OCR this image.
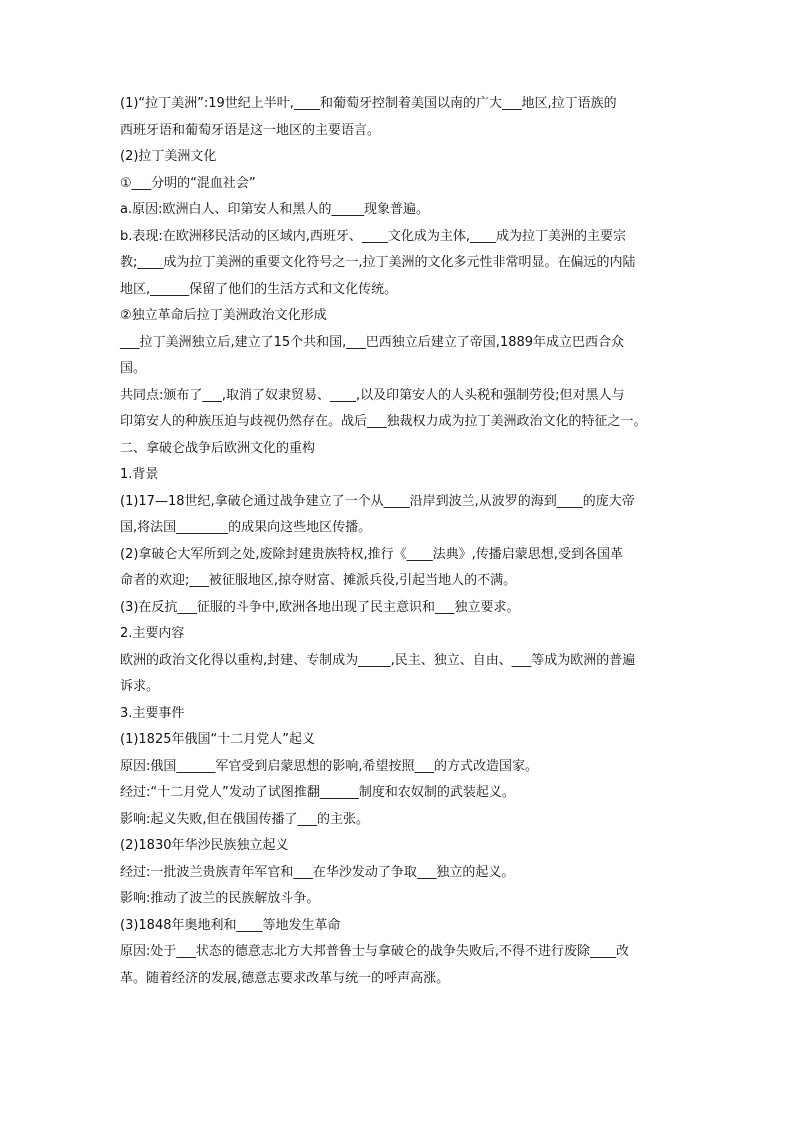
(1)“拉丁美洲”:19世纪上半叶,____和葡萄牙控制着美国以南的广大___地区,拉丁语族的
西班牙语和葡萄牙语是这一地区的主要语言。
(2)拉丁美洲文化
①___分明的“混血社会”
a.原因:欧洲白人、印第安人和黑人的_____现象普遍。
b.表现:在欧洲移民活动的区域内,西班牙、____文化成为主体,____成为拉丁美洲的主要宗
教;____成为拉丁美洲的重要文化符号之一,拉丁美洲的文化多元性非常明显。在偏远的内陆
地区,______保留了他们的生活方式和文化传统。
②独立革命后拉丁美洲政治文化形成
___拉丁美洲独立后,建立了15个共和国,___巴西独立后建立了帝国,1889年成立巴西合众
国。
共同点:颁布了___,取消了奴隶贸易、____,以及印第安人的人头税和强制劳役;但对黑人与
印第安人的种族压迫与歧视仍然存在。战后___独裁权力成为拉丁美洲政治文化的特征之一。
二、拿破仑战争后欧洲文化的重构
1.背景
(1)17—18世纪,拿破仑通过战争建立了一个从____沿岸到波兰,从波罗的海到____的庞大帝
国,将法国________的成果向这些地区传播。
(2)拿破仑大军所到之处,废除封建贵族特权,推行《____法典》,传播启蒙思想,受到各国革
命者的欢迎;___被征服地区,掠夺财富、摊派兵役,引起当地人的不满。
(3)在反抗___征服的斗争中,欧洲各地出现了民主意识和___独立要求。
2.主要内容
欧洲的政治文化得以重构,封建、专制成为_____,民主、独立、自由、___等成为欧洲的普遍
诉求。
3.主要事件
(1)1825年俄国“十二月党人”起义
原因:俄国______军官受到启蒙思想的影响,希望按照___的方式改造国家。
经过:“十二月党人”发动了试图推翻______制度和农奴制的武装起义。
影响:起义失败,但在俄国传播了___的主张。
(2)1830年华沙民族独立起义
经过:一批波兰贵族青年军官和___在华沙发动了争取___独立的起义。
影响:推动了波兰的民族解放斗争。
(3)1848年奥地利和____等地发生革命
原因:处于___状态的德意志北方大邦普鲁士与拿破仑的战争失败后,不得不进行废除____改
革。随着经济的发展,德意志要求改革与统一的呼声高涨。
